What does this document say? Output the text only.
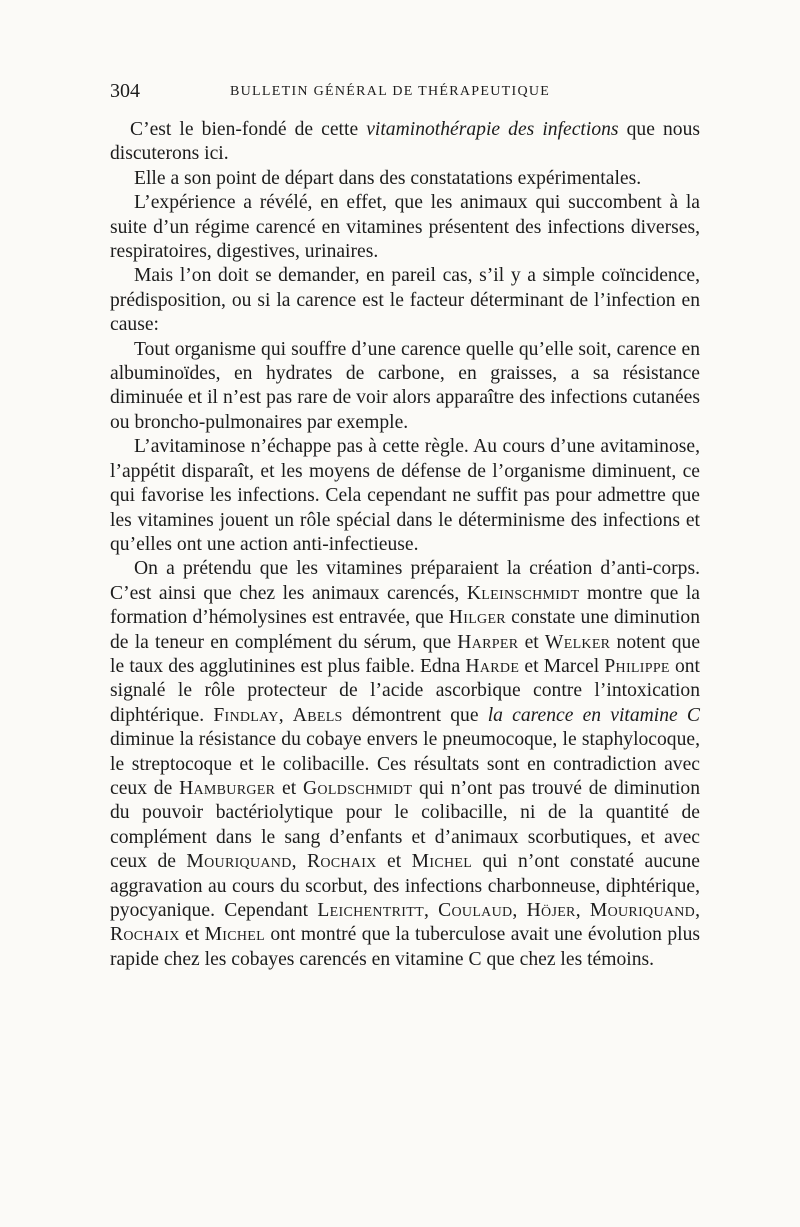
304	BULLETIN GÉNÉRAL DE THÉRAPEUTIQUE

C’est le bien-fondé de cette vitaminothérapie des infections que nous discuterons ici.

Elle a son point de départ dans des constatations expérimentales.

L’expérience a révélé, en effet, que les animaux qui succombent à la suite d’un régime carencé en vitamines présentent des infections diverses, respiratoires, digestives, urinaires.

Mais l’on doit se demander, en pareil cas, s’il y a simple coïncidence, prédisposition, ou si la carence est le facteur déterminant de l’infection en cause:

Tout organisme qui souffre d’une carence quelle qu’elle soit, carence en albuminoïdes, en hydrates de carbone, en graisses, a sa résistance diminuée et il n’est pas rare de voir alors apparaître des infections cutanées ou broncho-pulmonaires par exemple.

L’avitaminose n’échappe pas à cette règle. Au cours d’une avitaminose, l’appétit disparaît, et les moyens de défense de l’organisme diminuent, ce qui favorise les infections. Cela cependant ne suffit pas pour admettre que les vitamines jouent un rôle spécial dans le déterminisme des infections et qu’elles ont une action anti-infectieuse.

On a prétendu que les vitamines préparaient la création d’anti-corps. C’est ainsi que chez les animaux carencés, Kleinschmidt montre que la formation d’hémolysines est entravée, que Hilger constate une diminution de la teneur en complément du sérum, que Harper et Welker notent que le taux des agglutinines est plus faible. Edna Harde et Marcel Philippe ont signalé le rôle protecteur de l’acide ascorbique contre l’intoxication diphtérique. Findlay, Abels démontrent que la carence en vitamine C diminue la résistance du cobaye envers le pneumocoque, le staphylocoque, le streptocoque et le colibacille. Ces résultats sont en contradiction avec ceux de Hamburger et Goldschmidt qui n’ont pas trouvé de diminution du pouvoir bactériolytique pour le colibacille, ni de la quantité de complément dans le sang d’enfants et d’animaux scorbutiques, et avec ceux de Mouriquand, Rochaix et Michel qui n’ont constaté aucune aggravation au cours du scorbut, des infections charbonneuse, diphtérique, pyocyanique. Cependant Leichentritt, Coulaud, Höjer, Mouriquand, Rochaix et Michel ont montré que la tuberculose avait une évolution plus rapide chez les cobayes carencés en vitamine C que chez les témoins.
